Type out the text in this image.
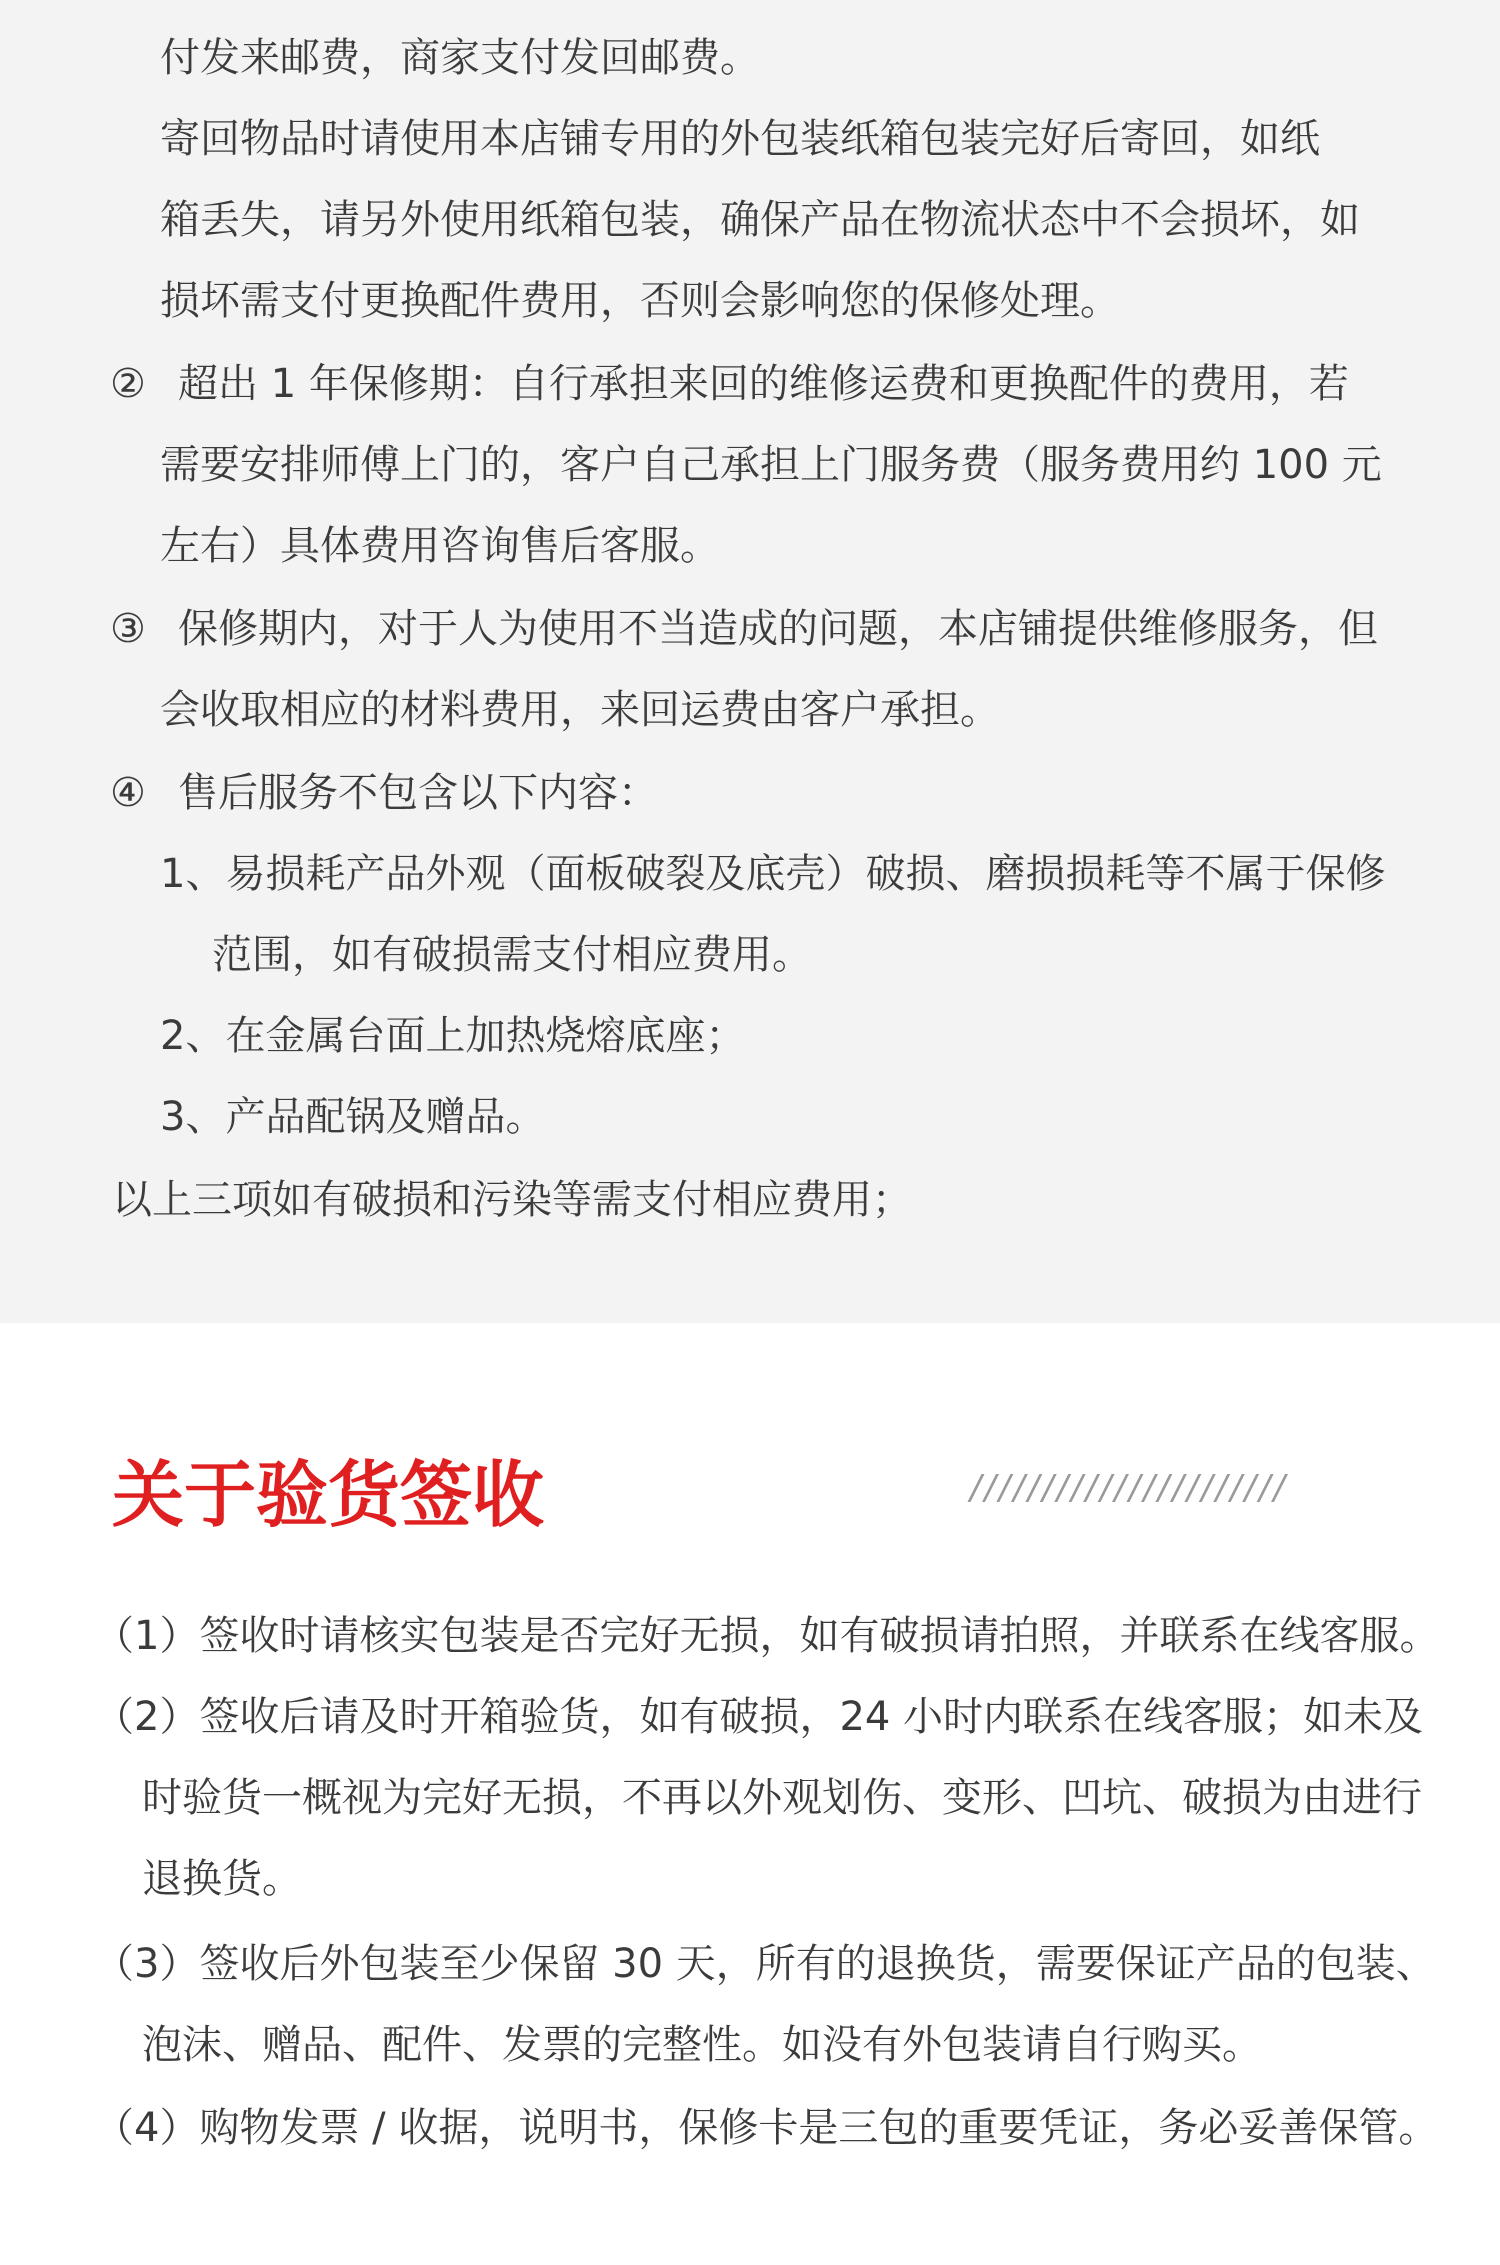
付发来邮费，商家支付发回邮费。
寄回物品时请使用本店铺专用的外包装纸箱包装完好后寄回，如纸
箱丢失，请另外使用纸箱包装，确保产品在物流状态中不会损坏，如
损坏需支付更换配件费用，否则会影响您的保修处理。
② 超出 1 年保修期：自行承担来回的维修运费和更换配件的费用，若
需要安排师傅上门的，客户自己承担上门服务费（服务费用约 100 元
左右）具体费用咨询售后客服。
③ 保修期内，对于人为使用不当造成的问题，本店铺提供维修服务，但
会收取相应的材料费用，来回运费由客户承担。
④ 售后服务不包含以下内容：
1、易损耗产品外观（面板破裂及底壳）破损、磨损损耗等不属于保修
范围，如有破损需支付相应费用。
2、在金属台面上加热烧熔底座；
3、产品配锅及赠品。
以上三项如有破损和污染等需支付相应费用；
关于验货签收	//////////////////////
（1）签收时请核实包装是否完好无损，如有破损请拍照，并联系在线客服。
（2）签收后请及时开箱验货，如有破损，24 小时内联系在线客服；如未及
时验货一概视为完好无损，不再以外观划伤、变形、凹坑、破损为由进行
退换货。
（3）签收后外包装至少保留 30 天，所有的退换货，需要保证产品的包装、
泡沫、赠品、配件、发票的完整性。如没有外包装请自行购买。
（4）购物发票 / 收据，说明书，保修卡是三包的重要凭证，务必妥善保管。
